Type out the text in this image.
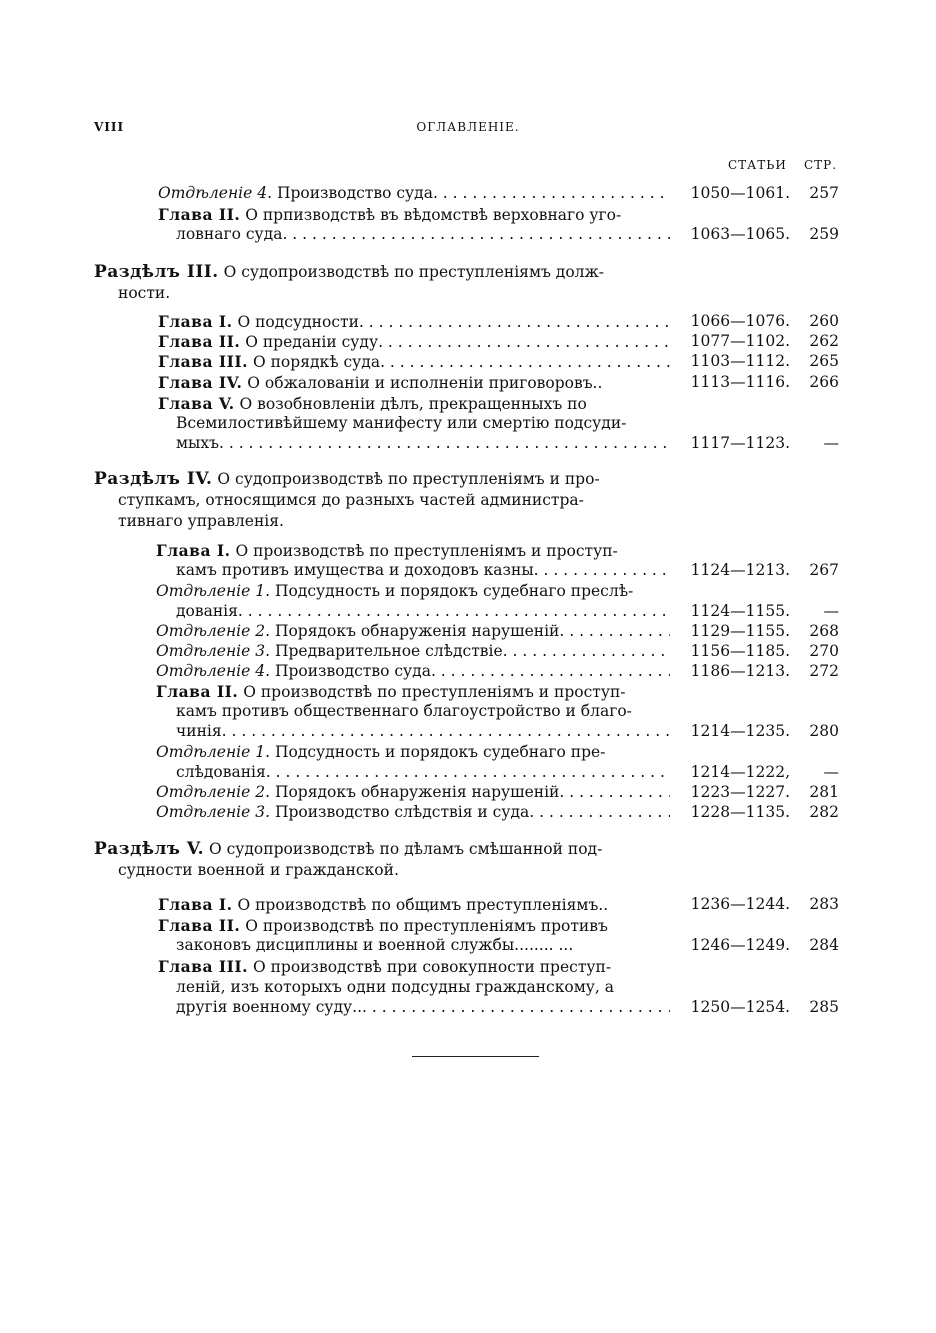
VIII	ОГЛАВЛЕНІЕ.
СТАТЬИ СТР.
Отдѣленіе 4. Производство суда . . .	1050—1061.	257
Глава II. О прпизводствѣ въ вѣдомствѣ верховнаго уго-
ловнаго суда . . .	1063—1065.	259
Раздѣлъ III. О судопроизводствѣ по преступленіямъ долж-
ности.
Глава I. О подсудности . . .	1066—1076.	260
Глава II. О преданіи суду . . .	1077—1102.	262
Глава III. О порядкѣ суда . . .	1103—1112.	265
Глава IV. О обжалованіи и исполненіи приговоровъ..	1113—1116.	266
Глава V. О возобновленіи дѣлъ, прекращенныхъ по
Всемилостивѣйшему манифесту или смертію подсуди-
мыхъ . . .	1117—1123.	—
Раздѣлъ IV. О судопроизводствѣ по преступленіямъ и про-
ступкамъ, относящимся до разныхъ частей администра-
тивнаго управленія.
Глава I. О производствѣ по преступленіямъ и проступ-
камъ противъ имущества и доходовъ казны . . .	1124—1213.	267
Отдѣленіе 1. Подсудность и порядокъ судебнаго преслѣ-
дованія . . .	1124—1155.	—
Отдѣленіе 2. Порядокъ обнаруженія нарушеній . . .	1129—1155.	268
Отдѣленіе 3. Предварительное слѣдствіе . . .	1156—1185.	270
Отдѣленіе 4. Производство суда . . .	1186—1213.	272
Глава II. О производствѣ по преступленіямъ и проступ-
камъ противъ общественнаго благоустройство и благо-
чинія . . .	1214—1235.	280
Отдѣленіе 1. Подсудность и порядокъ судебнаго пре-
слѣдованія . . .	1214—1222,	—
Отдѣленіе 2. Порядокъ обнаруженія нарушеній . . .	1223—1227.	281
Отдѣленіе 3. Производство слѣдствія и суда . . .	1228—1135.	282
Раздѣлъ V. О судопроизводствѣ по дѣламъ смѣшанной под-
судности военной и гражданской.
Глава I. О производствѣ по общимъ преступленіямъ..	1236—1244.	283
Глава II. О производствѣ по преступленіямъ противъ
законовъ дисциплины и военной службы........ ...	1246—1249.	284
Глава III. О производствѣ при совокупности преступ-
леній, изъ которыхъ одни подсудны гражданскому, а
другія военному суду.. . . .	1250—1254.	285
